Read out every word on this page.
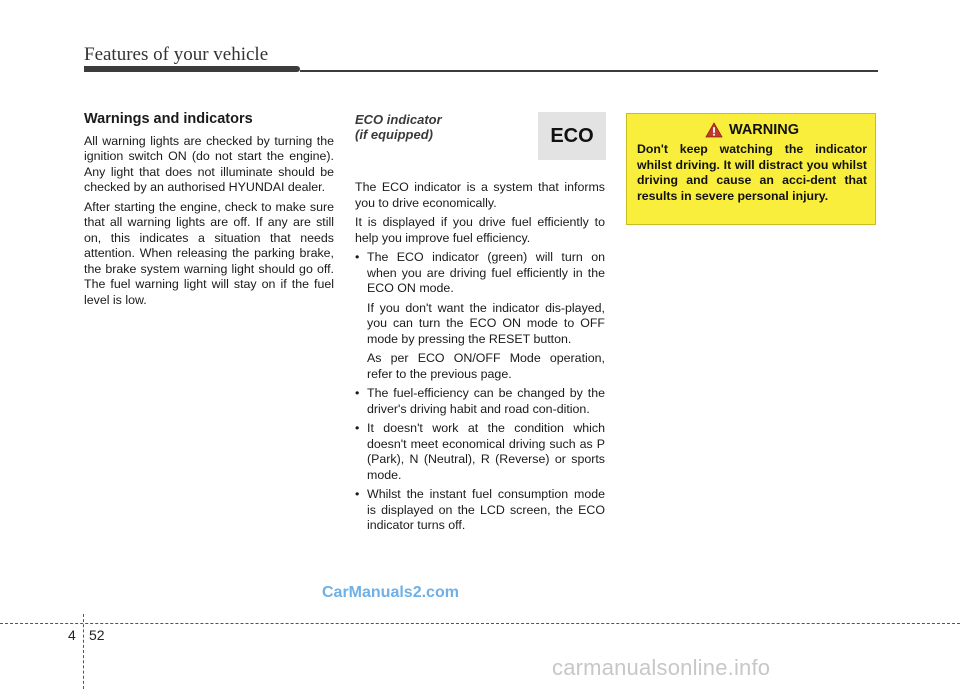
Features of your vehicle
Warnings and indicators

All warning lights are checked by turning the ignition switch ON (do not start the engine). Any light that does not illuminate should be checked by an authorised HYUNDAI dealer.

After starting the engine, check to make sure that all warning lights are off. If any are still on, this indicates a situation that needs attention. When releasing the parking brake, the brake system warning light should go off. The fuel warning light will stay on if the fuel level is low.

ECO indicator
(if equipped)

The ECO indicator is a system that informs you to drive economically.

It is displayed if you drive fuel efficiently to help you improve fuel efficiency.

• The ECO indicator (green) will turn on when you are driving fuel efficiently in the ECO ON mode.
If you don't want the indicator dis-played, you can turn the ECO ON mode to OFF mode by pressing the RESET button.
As per ECO ON/OFF Mode operation, refer to the previous page.
• The fuel-efficiency can be changed by the driver's driving habit and road con-dition.
• It doesn't work at the condition which doesn't meet economical driving such as P (Park), N (Neutral), R (Reverse) or sports mode.
• Whilst the instant fuel consumption mode is displayed on the LCD screen, the ECO indicator turns off.
ECO	WARNING

Don't keep watching the indicator whilst driving. It will distract you whilst driving and cause an acci-dent that results in severe personal injury.

CarManuals2.com
carmanualsonline.info
4 52
